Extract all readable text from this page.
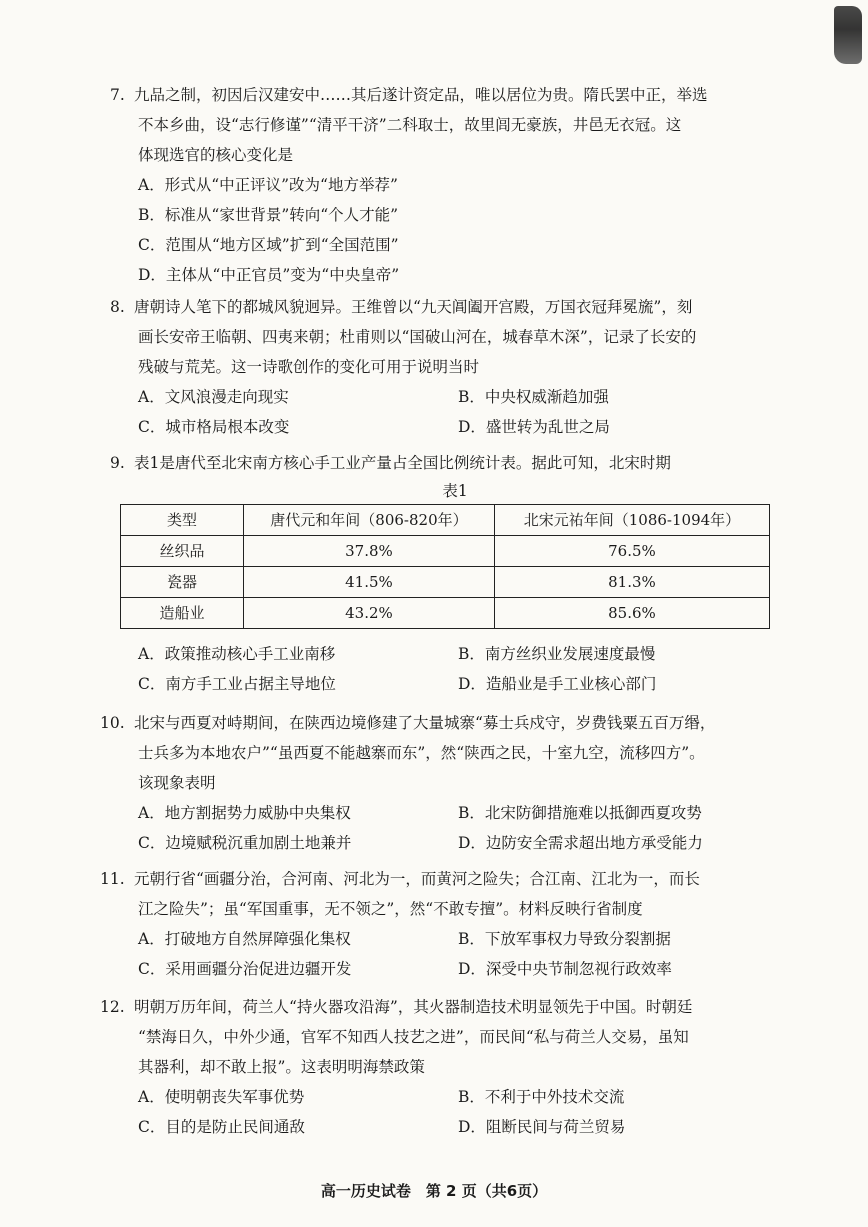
7. 九品之制，初因后汉建安中……其后遂计资定品，唯以居位为贵。隋氏罢中正，举选

不本乡曲，设“志行修谨”“清平干济”二科取士，故里闾无豪族，井邑无衣冠。这

体现选官的核心变化是

A．形式从“中正评议”改为“地方举荐”

B．标准从“家世背景”转向“个人才能”

C．范围从“地方区域”扩到“全国范围”

D．主体从“中正官员”变为“中央皇帝”

8. 唐朝诗人笔下的都城风貌迥异。王维曾以“九天阊阖开宫殿，万国衣冠拜冕旒”，刻

画长安帝王临朝、四夷来朝；杜甫则以“国破山河在，城春草木深”，记录了长安的

残破与荒芜。这一诗歌创作的变化可用于说明当时

A．文风浪漫走向现实	B．中央权威渐趋加强
C．城市格局根本改变	D．盛世转为乱世之局

9. 表1是唐代至北宋南方核心手工业产量占全国比例统计表。据此可知，北宋时期

表1
类型	唐代元和年间（806-820年）	北宋元祐年间（1086-1094年）
丝织品	37.8%	76.5%
瓷器	41.5%	81.3%
造船业	43.2%	85.6%
A．政策推动核心手工业南移	B．南方丝织业发展速度最慢
C．南方手工业占据主导地位	D．造船业是手工业核心部门

10. 北宋与西夏对峙期间，在陕西边境修建了大量城寨“募士兵戍守，岁费钱粟五百万缗，

士兵多为本地农户”“虽西夏不能越寨而东”，然“陕西之民，十室九空，流移四方”。

该现象表明

A．地方割据势力威胁中央集权	B．北宋防御措施难以抵御西夏攻势
C．边境赋税沉重加剧土地兼并	D．边防安全需求超出地方承受能力

11. 元朝行省“画疆分治，合河南、河北为一，而黄河之险失；合江南、江北为一，而长

江之险失”；虽“军国重事，无不领之”，然“不敢专擅”。材料反映行省制度

A．打破地方自然屏障强化集权	B．下放军事权力导致分裂割据
C．采用画疆分治促进边疆开发	D．深受中央节制忽视行政效率

12. 明朝万历年间，荷兰人“持火器攻沿海”，其火器制造技术明显领先于中国。时朝廷

“禁海日久，中外少通，官军不知西人技艺之进”，而民间“私与荷兰人交易，虽知

其器利，却不敢上报”。这表明明海禁政策

A．使明朝丧失军事优势	B．不利于中外技术交流
C．目的是防止民间通敌	D．阻断民间与荷兰贸易
高一历史试卷　第 2 页（共6页）
